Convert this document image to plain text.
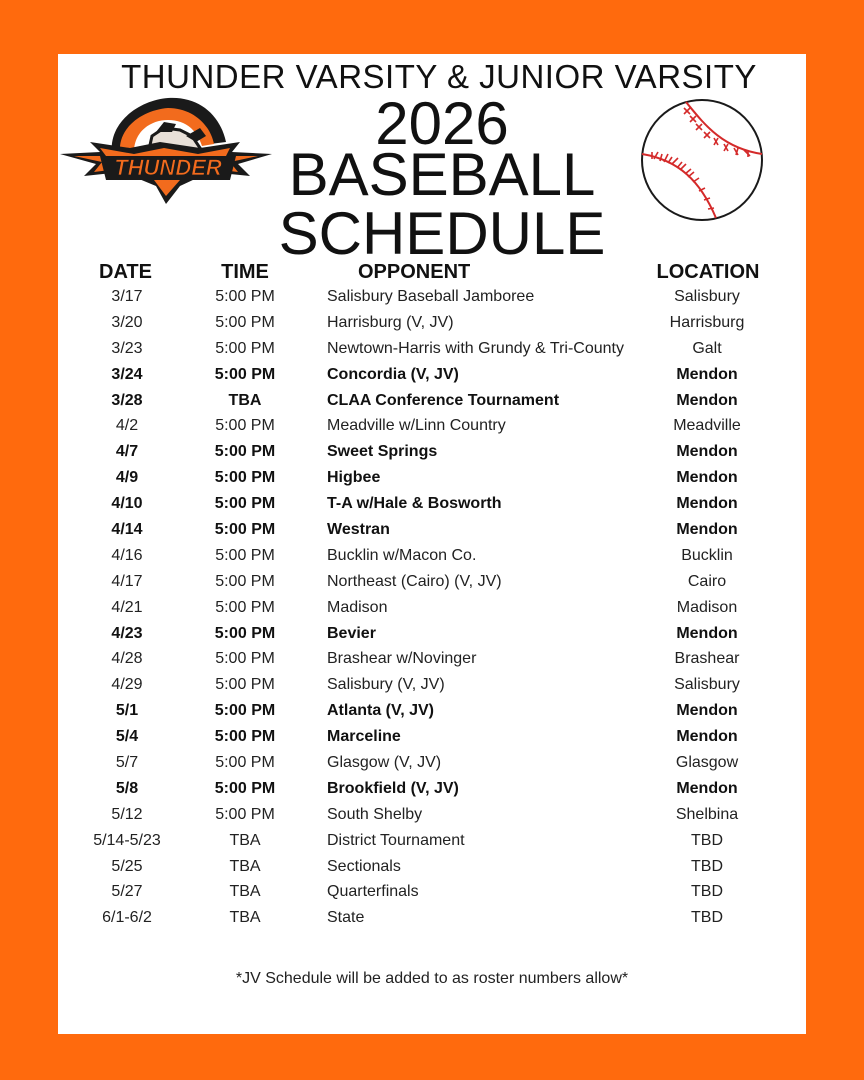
THUNDER VARSITY & JUNIOR VARSITY
2026
BASEBALL
SCHEDULE
THUNDER
DATE	TIME	OPPONENT	LOCATION
3/17	5:00 PM	Salisbury Baseball Jamboree	Salisbury
3/20	5:00 PM	Harrisburg (V, JV)	Harrisburg
3/23	5:00 PM	Newtown-Harris with Grundy & Tri-County	Galt
3/24	5:00 PM	Concordia (V, JV)	Mendon
3/28	TBA	CLAA Conference Tournament	Mendon
4/2	5:00 PM	Meadville w/Linn Country	Meadville
4/7	5:00 PM	Sweet Springs	Mendon
4/9	5:00 PM	Higbee	Mendon
4/10	5:00 PM	T-A w/Hale & Bosworth	Mendon
4/14	5:00 PM	Westran	Mendon
4/16	5:00 PM	Bucklin w/Macon Co.	Bucklin
4/17	5:00 PM	Northeast (Cairo) (V, JV)	Cairo
4/21	5:00 PM	Madison	Madison
4/23	5:00 PM	Bevier	Mendon
4/28	5:00 PM	Brashear w/Novinger	Brashear
4/29	5:00 PM	Salisbury (V, JV)	Salisbury
5/1	5:00 PM	Atlanta (V, JV)	Mendon
5/4	5:00 PM	Marceline	Mendon
5/7	5:00 PM	Glasgow (V, JV)	Glasgow
5/8	5:00 PM	Brookfield (V, JV)	Mendon
5/12	5:00 PM	South Shelby	Shelbina
5/14-5/23	TBA	District Tournament	TBD
5/25	TBA	Sectionals	TBD
5/27	TBA	Quarterfinals	TBD
6/1-6/2	TBA	State	TBD
*JV Schedule will be added to as roster numbers allow*
